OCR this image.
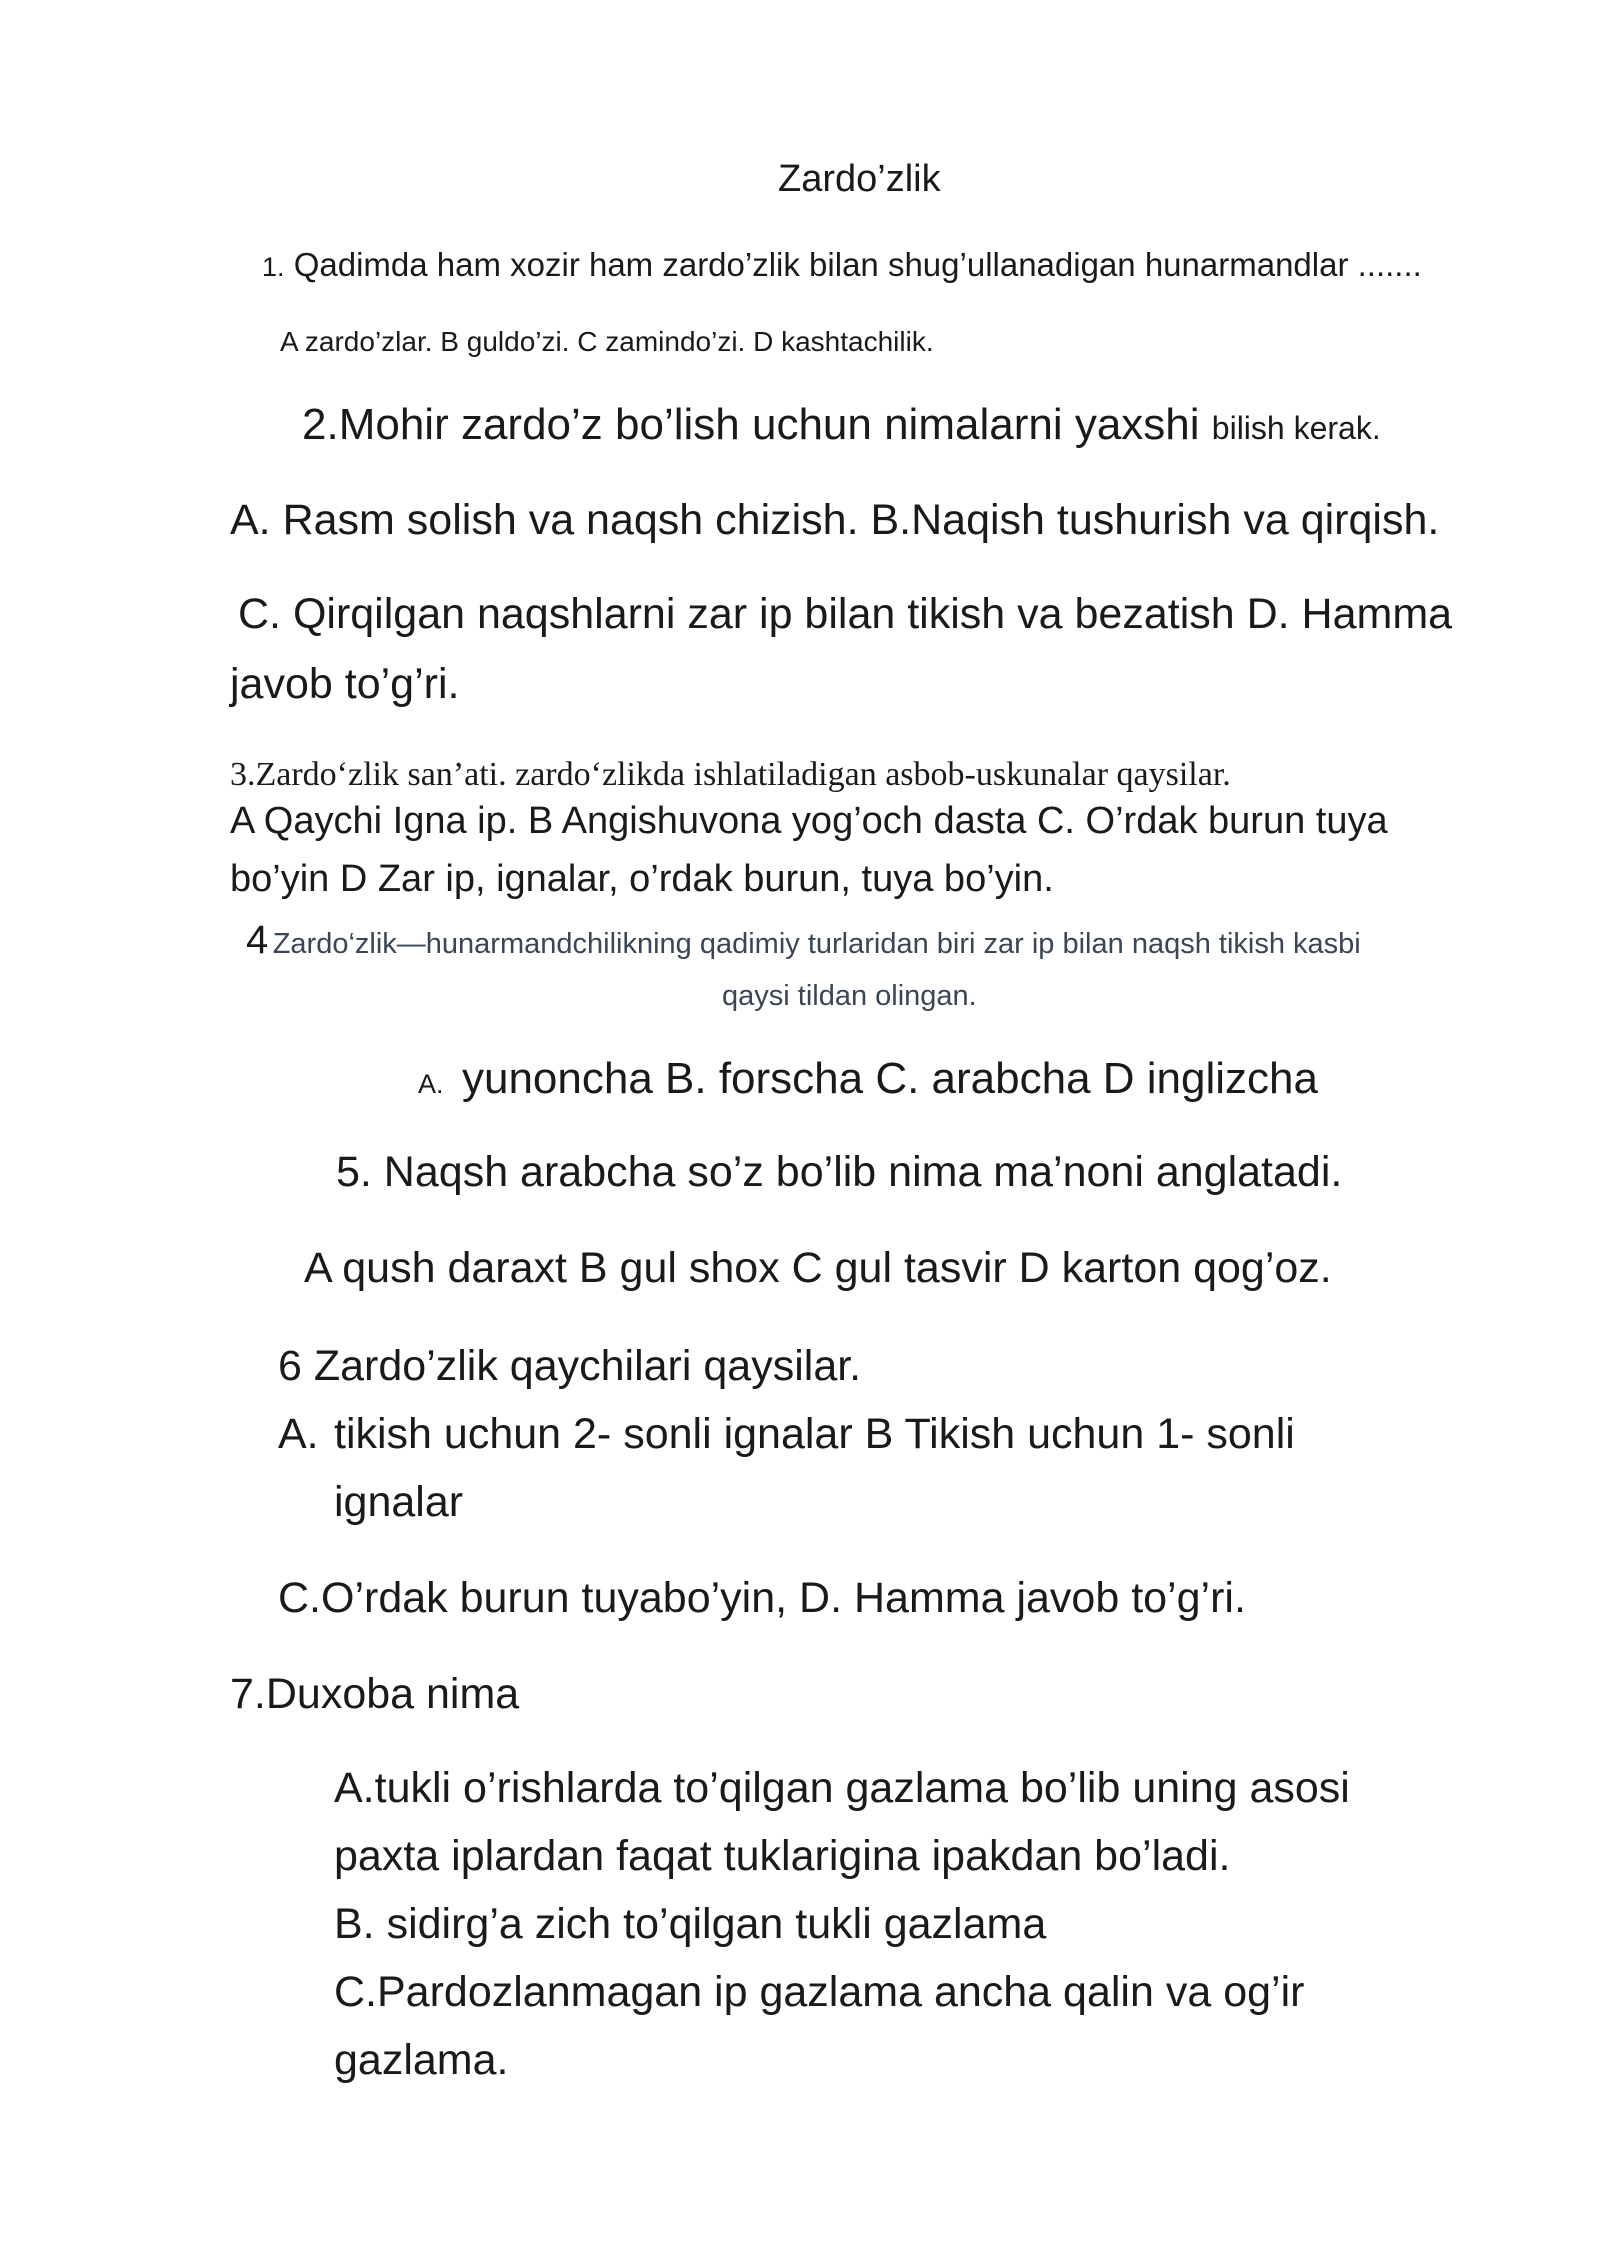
Zardo’zlik

1. Qadimda ham xozir ham zardo’zlik bilan shug’ullanadigan hunarmandlar .......

A zardo’zlar. B guldo’zi. C zamindo’zi. D kashtachilik.

2.Mohir zardo’z bo’lish uchun nimalarni yaxshi bilish kerak.

A. Rasm solish va naqsh chizish. B.Naqish tushurish va qirqish.

C. Qirqilgan naqshlarni zar ip bilan tikish va bezatish D. Hamma

javob to’g’ri.

3.Zardo‘zlik san’ati. zardo‘zlikda ishlatiladigan asbob-uskunalar qaysilar.

A Qaychi Igna ip. B Angishuvona yog’och dasta C. O’rdak burun tuya

bo’yin D Zar ip, ignalar, o’rdak burun, tuya bo’yin.

4 Zardo‘zlik—hunarmandchilikning qadimiy turlaridan biri zar ip bilan naqsh tikish kasbi

qaysi tildan olingan.

A. yunoncha B. forscha C. arabcha D inglizcha

5. Naqsh arabcha so’z bo’lib nima ma’noni anglatadi.

A qush daraxt B gul shox C gul tasvir D karton qog’oz.

6 Zardo’zlik qaychilari qaysilar.

A. tikish uchun 2- sonli ignalar B Tikish uchun 1- sonli

ignalar

C.O’rdak burun tuyabo’yin, D. Hamma javob to’g’ri.

7.Duxoba nima

A.tukli o’rishlarda to’qilgan gazlama bo’lib uning asosi

paxta iplardan faqat tuklarigina ipakdan bo’ladi.

B. sidirg’a zich to’qilgan tukli gazlama

C.Pardozlanmagan ip gazlama ancha qalin va og’ir

gazlama.
